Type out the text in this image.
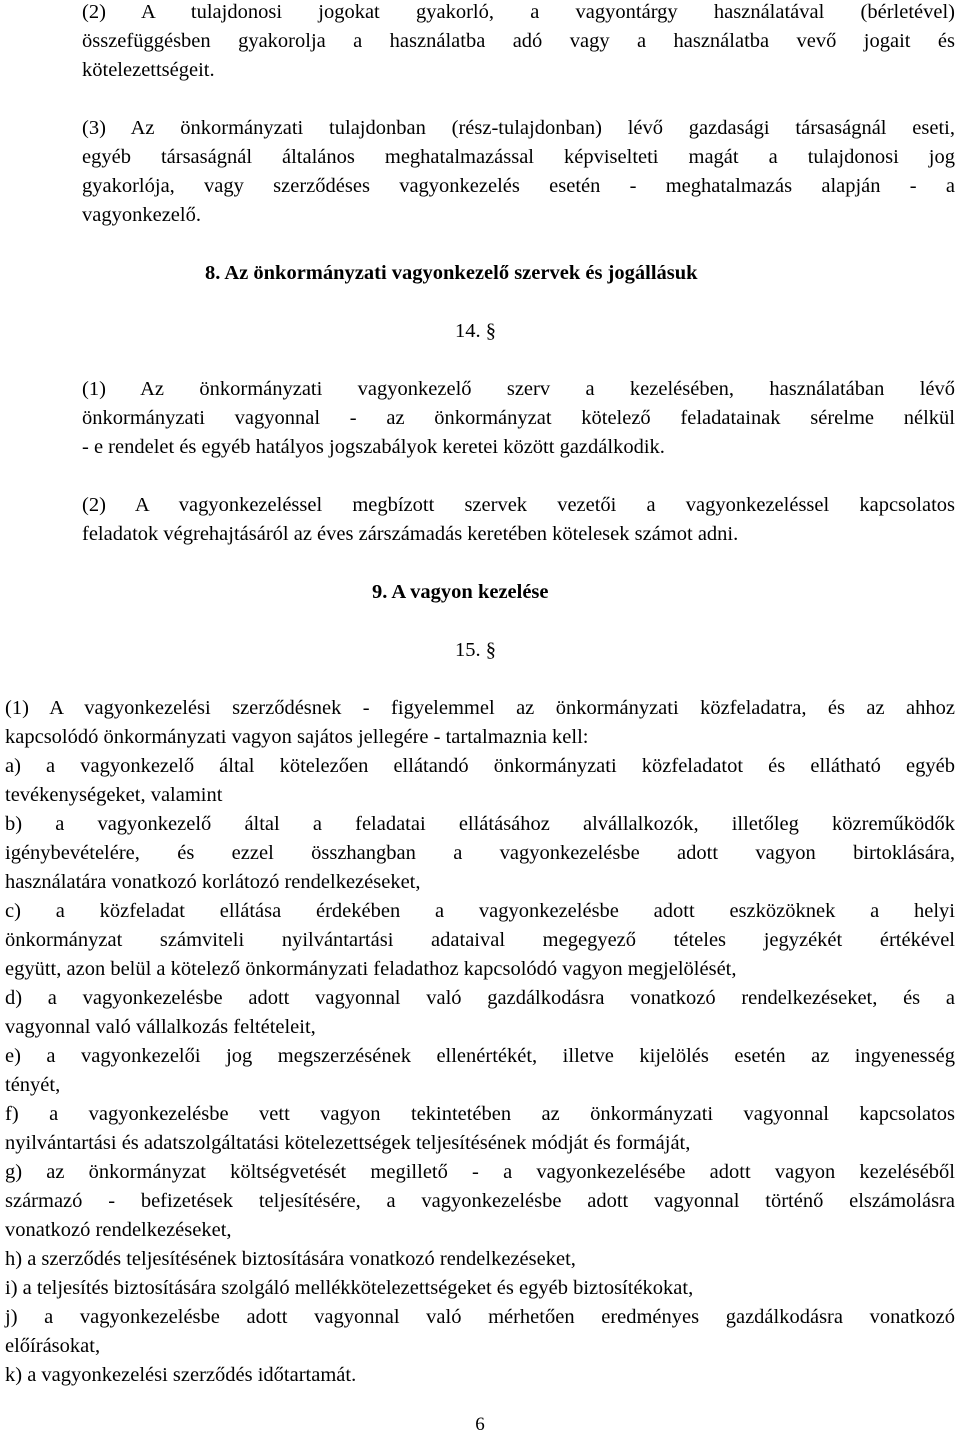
(2) A tulajdonosi jogokat gyakorló, a vagyontárgy használatával (bérletével)

összefüggésben gyakorolja a használatba adó vagy a használatba vevő jogait és

kötelezettségeit.

(3) Az önkormányzati tulajdonban (rész-tulajdonban) lévő gazdasági társaságnál eseti,

egyéb társaságnál általános meghatalmazással képviselteti magát a tulajdonosi jog

gyakorlója, vagy szerződéses vagyonkezelés esetén - meghatalmazás alapján - a

vagyonkezelő.

8. Az önkormányzati vagyonkezelő szervek és jogállásuk

14. §

(1) Az önkormányzati vagyonkezelő szerv a kezelésében, használatában lévő

önkormányzati vagyonnal - az önkormányzat kötelező feladatainak sérelme nélkül

- e rendelet és egyéb hatályos jogszabályok keretei között gazdálkodik.

(2) A vagyonkezeléssel megbízott szervek vezetői a vagyonkezeléssel kapcsolatos

feladatok végrehajtásáról az éves zárszámadás keretében kötelesek számot adni.

9. A vagyon kezelése

15. §

(1) A vagyonkezelési szerződésnek - figyelemmel az önkormányzati közfeladatra, és az ahhoz

kapcsolódó önkormányzati vagyon sajátos jellegére - tartalmaznia kell:

a) a vagyonkezelő által kötelezően ellátandó önkormányzati közfeladatot és ellátható egyéb

tevékenységeket, valamint

b) a vagyonkezelő által a feladatai ellátásához alvállalkozók, illetőleg közreműködők

igénybevételére, és ezzel összhangban a vagyonkezelésbe adott vagyon birtoklására,

használatára vonatkozó korlátozó rendelkezéseket,

c) a közfeladat ellátása érdekében a vagyonkezelésbe adott eszközöknek a helyi

önkormányzat számviteli nyilvántartási adataival megegyező tételes jegyzékét értékével

együtt, azon belül a kötelező önkormányzati feladathoz kapcsolódó vagyon megjelölését,

d) a vagyonkezelésbe adott vagyonnal való gazdálkodásra vonatkozó rendelkezéseket, és a

vagyonnal való vállalkozás feltételeit,

e) a vagyonkezelői jog megszerzésének ellenértékét, illetve kijelölés esetén az ingyenesség

tényét,

f) a vagyonkezelésbe vett vagyon tekintetében az önkormányzati vagyonnal kapcsolatos

nyilvántartási és adatszolgáltatási kötelezettségek teljesítésének módját és formáját,

g) az önkormányzat költségvetését megillető - a vagyonkezelésébe adott vagyon kezeléséből

származó - befizetések teljesítésére, a vagyonkezelésbe adott vagyonnal történő elszámolásra

vonatkozó rendelkezéseket,

h) a szerződés teljesítésének biztosítására vonatkozó rendelkezéseket,

i) a teljesítés biztosítására szolgáló mellékkötelezettségeket és egyéb biztosítékokat,

j) a vagyonkezelésbe adott vagyonnal való mérhetően eredményes gazdálkodásra vonatkozó

előírásokat,

k) a vagyonkezelési szerződés időtartamát.

6
